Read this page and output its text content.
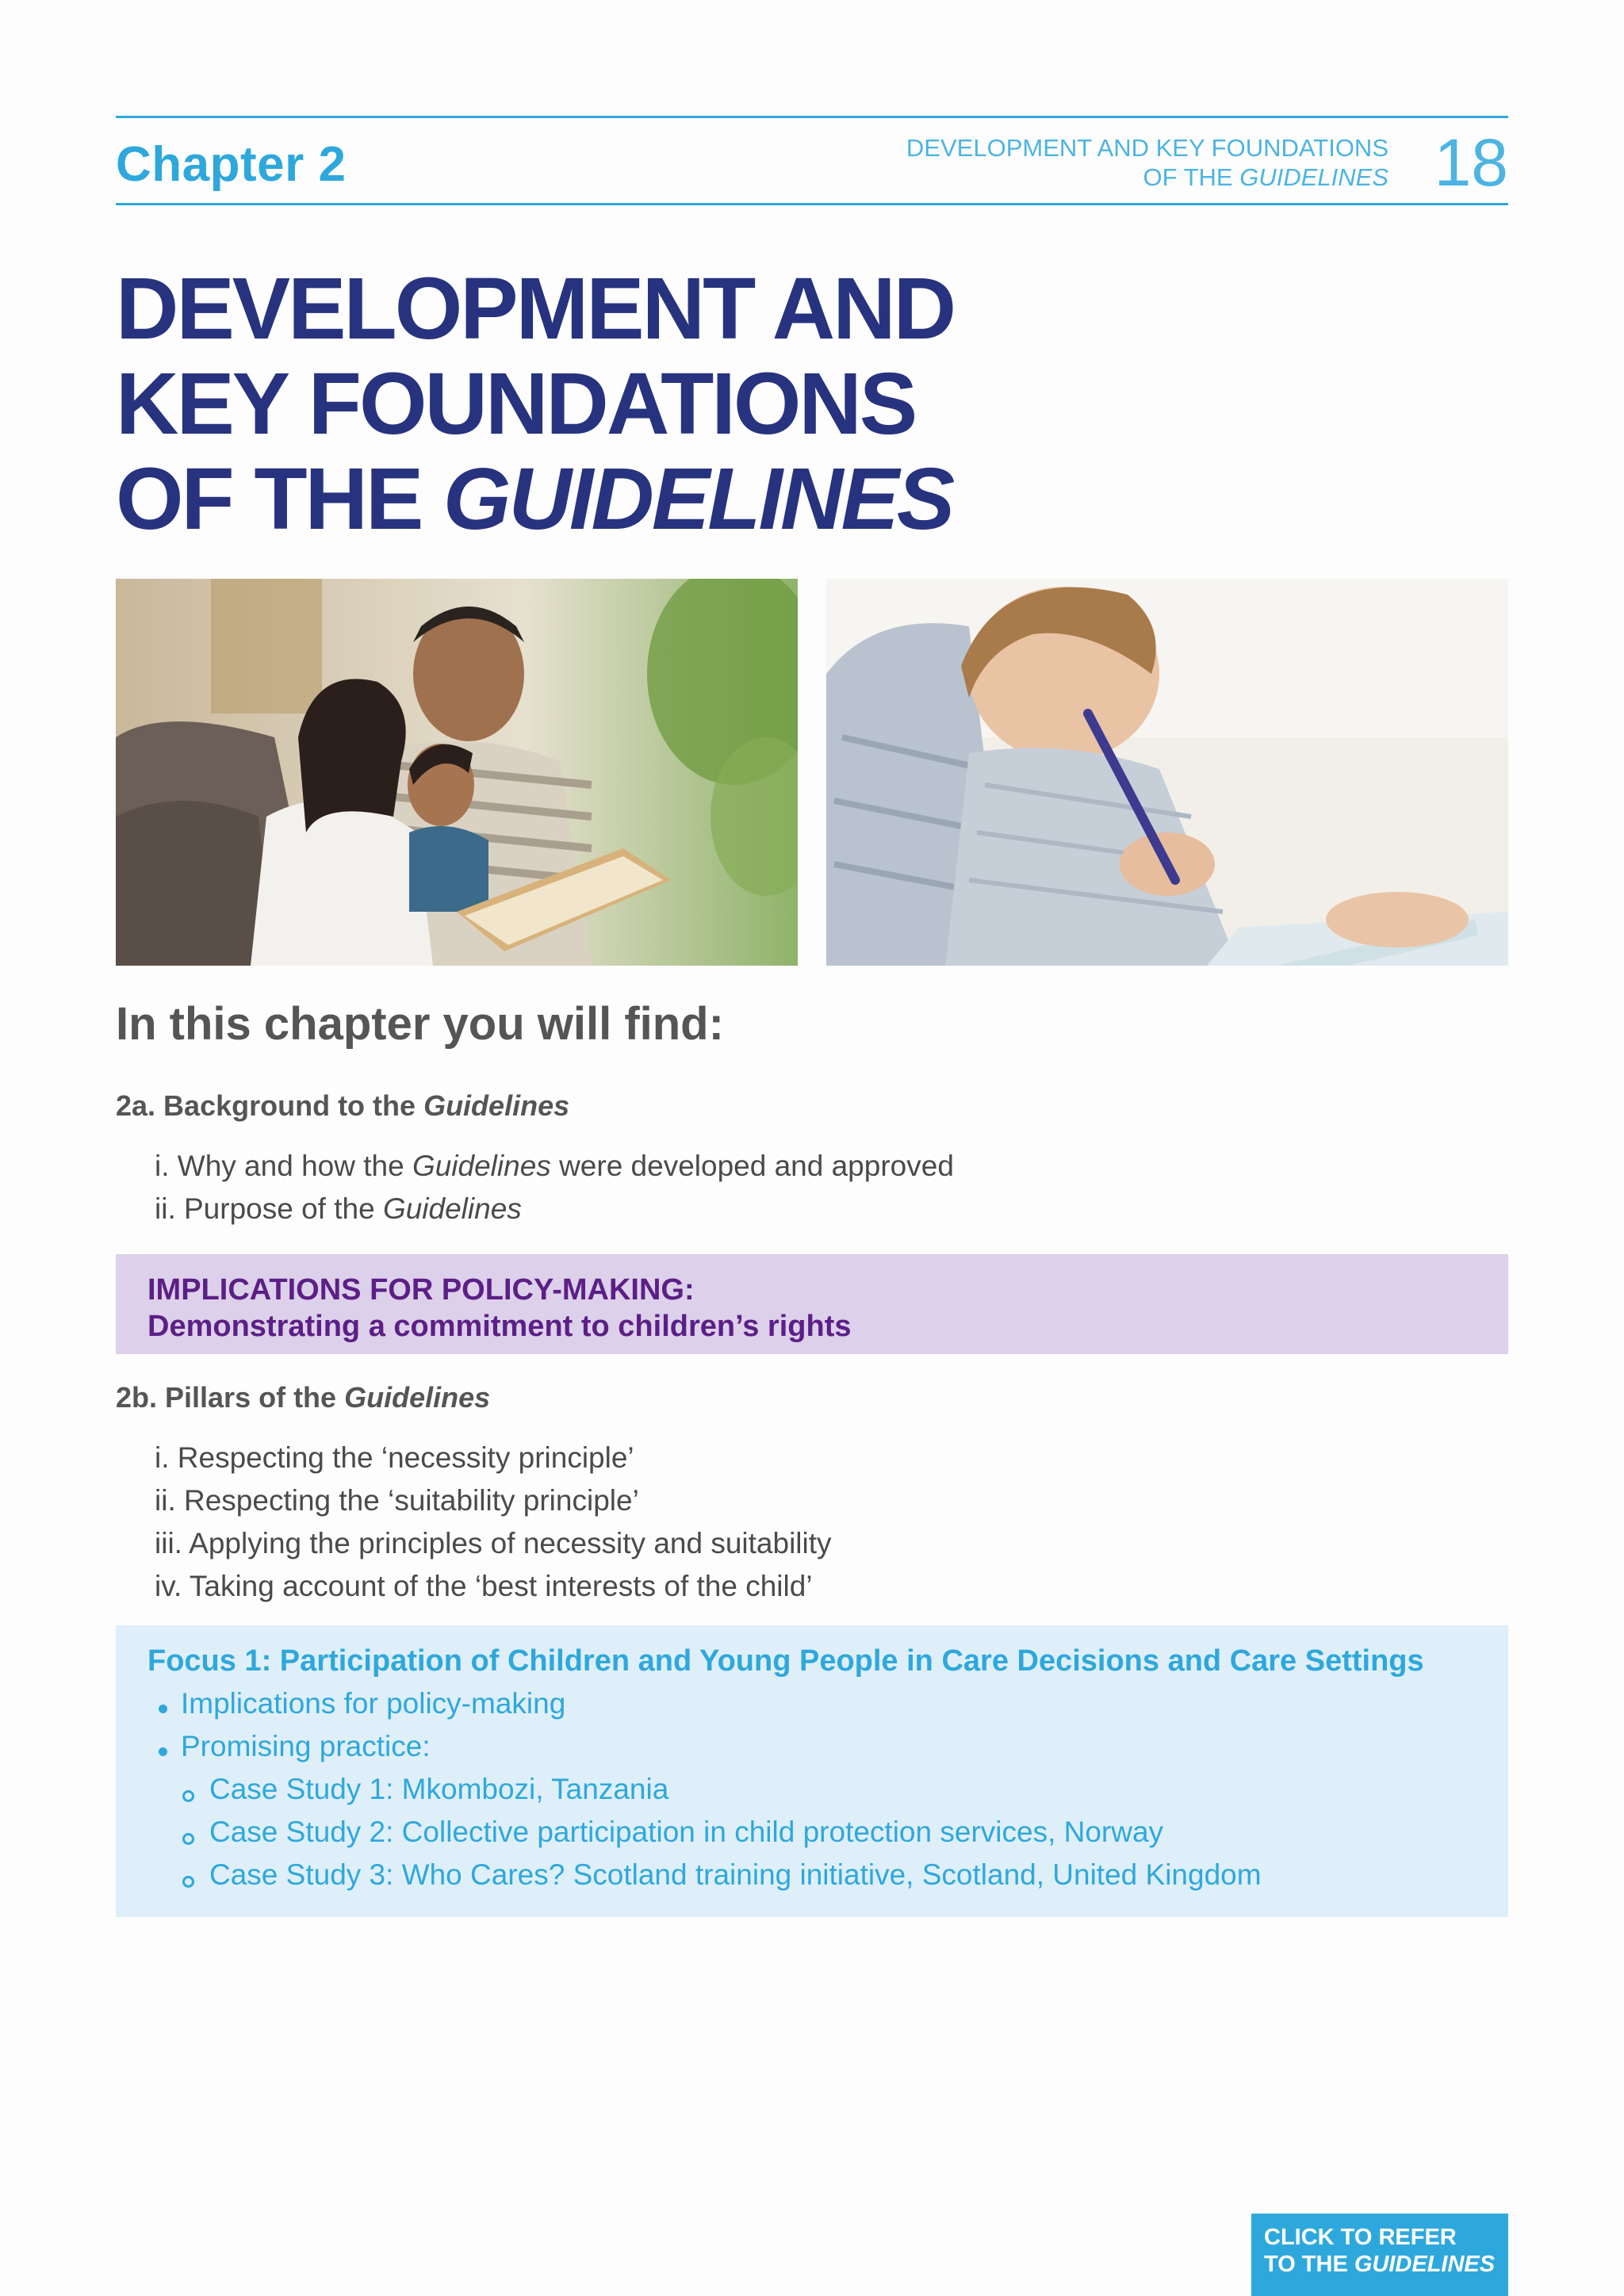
Chapter 2	DEVELOPMENT AND KEY FOUNDATIONS
OF THE GUIDELINES 18
DEVELOPMENT AND
KEY FOUNDATIONS
OF THE GUIDELINES
In this chapter you will find:
2a. Background to the Guidelines
i. Why and how the Guidelines were developed and approved
ii. Purpose of the Guidelines
IMPLICATIONS FOR POLICY-MAKING:
Demonstrating a commitment to children’s rights
2b. Pillars of the Guidelines
i. Respecting the ‘necessity principle’
ii. Respecting the ‘suitability principle’
iii. Applying the principles of necessity and suitability
iv. Taking account of the ‘best interests of the child’
Focus 1: Participation of Children and Young People in Care Decisions and Care Settings
Implications for policy-making
Promising practice:
Case Study 1: Mkombozi, Tanzania
Case Study 2: Collective participation in child protection services, Norway
Case Study 3: Who Cares? Scotland training initiative, Scotland, United Kingdom
CLICK TO REFER
TO THE GUIDELINES
